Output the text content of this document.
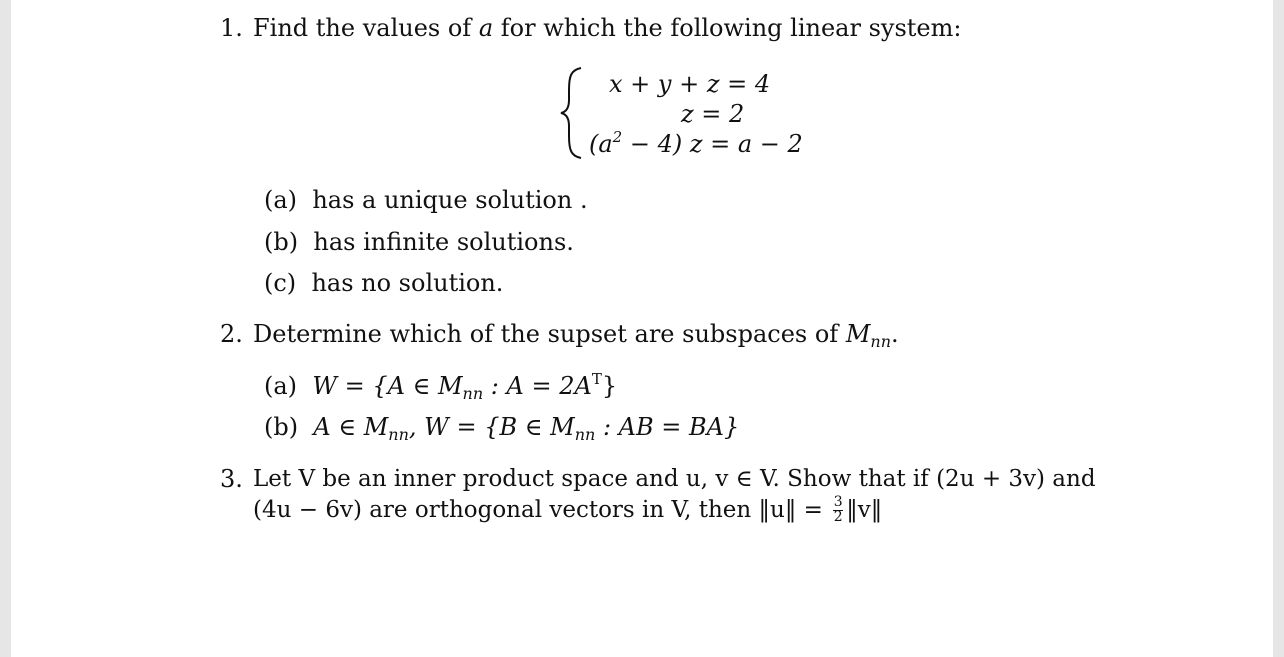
1. Find the values of a for which the following linear system:
x + y + z = 4
z = 2
$(a^2 - 4) z = a - 2$
(a) has a unique solution .
(b) has infinite solutions.
(c) has no solution.
2. Determine which of the supset are subspaces of $M_{nn}$.
(a) W = {A ∈ $M_{nn}$ : $A = 2A^T$}
(b) A ∈ $M_{nn}$, W = {B ∈ $M_{nn}$ : AB = BA}
3. Let V be an inner product space and u, v ∈ V. Show that if (2u + 3v) and
(4u − 6v) are orthogonal vectors in V, then ‖u‖ = $\frac{3}{2}$ ‖v‖
